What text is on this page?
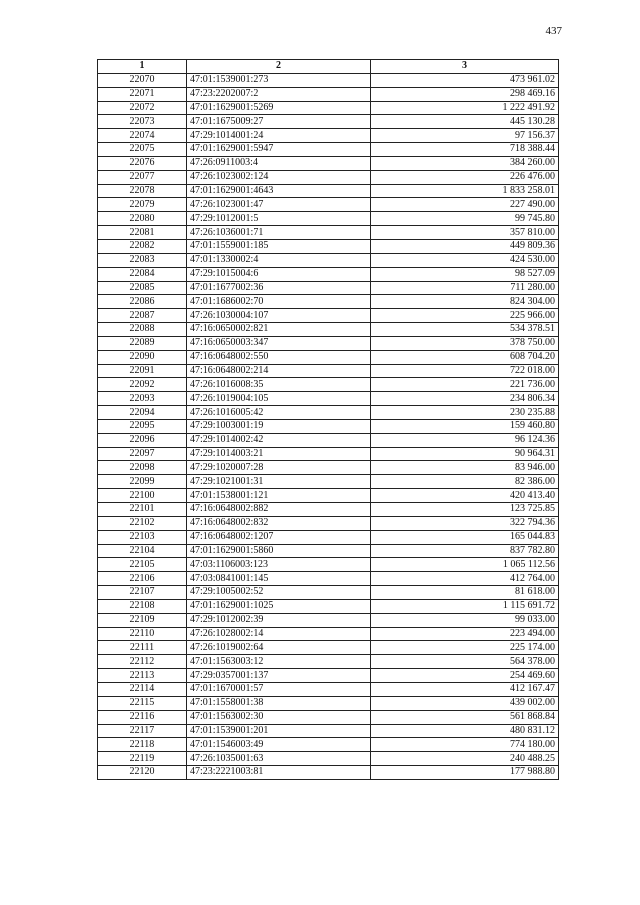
437
1	2	3
22070	47:01:1539001:273	473 961.02
22071	47:23:2202007:2	298 469.16
22072	47:01:1629001:5269	1 222 491.92
22073	47:01:1675009:27	445 130.28
22074	47:29:1014001:24	97 156.37
22075	47:01:1629001:5947	718 388.44
22076	47:26:0911003:4	384 260.00
22077	47:26:1023002:124	226 476.00
22078	47:01:1629001:4643	1 833 258.01
22079	47:26:1023001:47	227 490.00
22080	47:29:1012001:5	99 745.80
22081	47:26:1036001:71	357 810.00
22082	47:01:1559001:185	449 809.36
22083	47:01:1330002:4	424 530.00
22084	47:29:1015004:6	98 527.09
22085	47:01:1677002:36	711 280.00
22086	47:01:1686002:70	824 304.00
22087	47:26:1030004:107	225 966.00
22088	47:16:0650002:821	534 378.51
22089	47:16:0650003:347	378 750.00
22090	47:16:0648002:550	608 704.20
22091	47:16:0648002:214	722 018.00
22092	47:26:1016008:35	221 736.00
22093	47:26:1019004:105	234 806.34
22094	47:26:1016005:42	230 235.88
22095	47:29:1003001:19	159 460.80
22096	47:29:1014002:42	96 124.36
22097	47:29:1014003:21	90 964.31
22098	47:29:1020007:28	83 946.00
22099	47:29:1021001:31	82 386.00
22100	47:01:1538001:121	420 413.40
22101	47:16:0648002:882	123 725.85
22102	47:16:0648002:832	322 794.36
22103	47:16:0648002:1207	165 044.83
22104	47:01:1629001:5860	837 782.80
22105	47:03:1106003:123	1 065 112.56
22106	47:03:0841001:145	412 764.00
22107	47:29:1005002:52	81 618.00
22108	47:01:1629001:1025	1 115 691.72
22109	47:29:1012002:39	99 033.00
22110	47:26:1028002:14	223 494.00
22111	47:26:1019002:64	225 174.00
22112	47:01:1563003:12	564 378.00
22113	47:29:0357001:137	254 469.60
22114	47:01:1670001:57	412 167.47
22115	47:01:1558001:38	439 002.00
22116	47:01:1563002:30	561 868.84
22117	47:01:1539001:201	480 831.12
22118	47:01:1546003:49	774 180.00
22119	47:26:1035001:63	240 488.25
22120	47:23:2221003:81	177 988.80
